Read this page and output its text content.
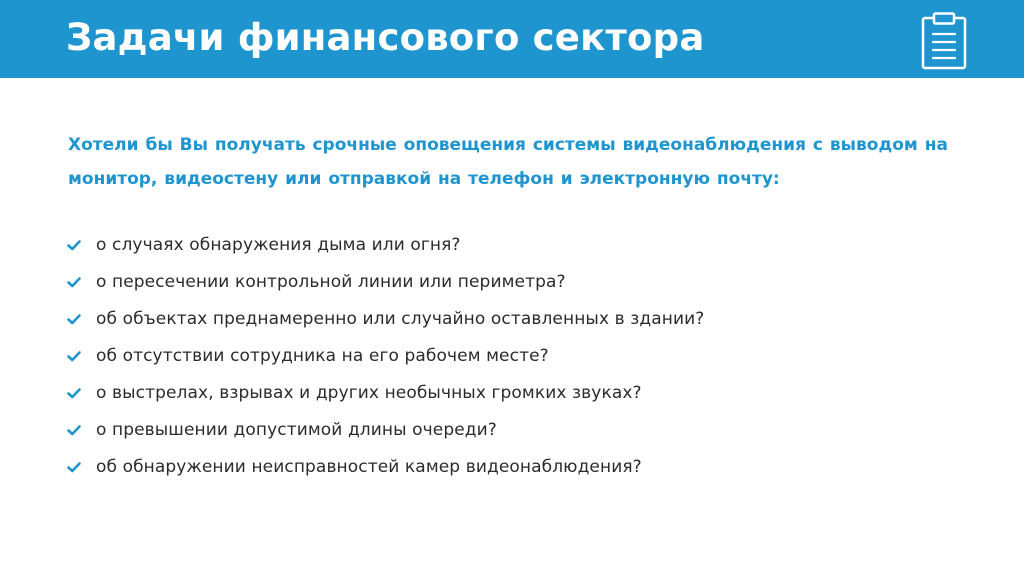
Задачи финансового сектора

Хотели бы Вы получать срочные оповещения системы видеонаблюдения с выводом на монитор, видеостену или отправкой на телефон и электронную почту:

о случаях обнаружения дыма или огня?
о пересечении контрольной линии или периметра?
об объектах преднамеренно или случайно оставленных в здании?
об отсутствии сотрудника на его рабочем месте?
о выстрелах, взрывах и других необычных громких звуках?
о превышении допустимой длины очереди?
об обнаружении неисправностей камер видеонаблюдения?
